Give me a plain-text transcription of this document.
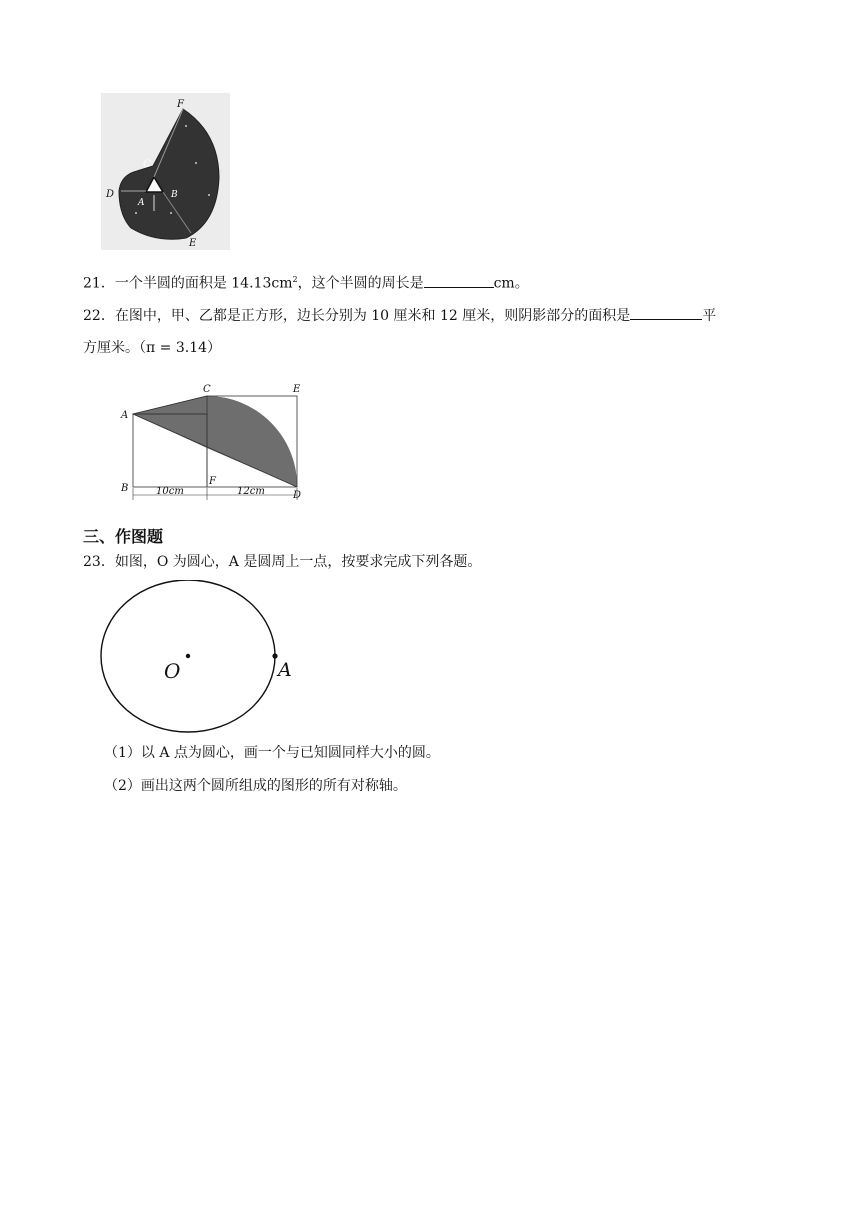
F
C
D
A
B
E
21．一个半圆的面积是 $14.13cm^2$，这个半圆的周长是	cm。
22．在图中，甲、乙都是正方形，边长分别为 10 厘米和 12 厘米，则阴影部分的面积是	平
方厘米。（π = 3.14）
A
B
C	E
F
D
10cm	12cm
三、作图题
23．如图，O 为圆心，A 是圆周上一点，按要求完成下列各题。
O	A
（1）以 A 点为圆心，画一个与已知圆同样大小的圆。
（2）画出这两个圆所组成的图形的所有对称轴。
